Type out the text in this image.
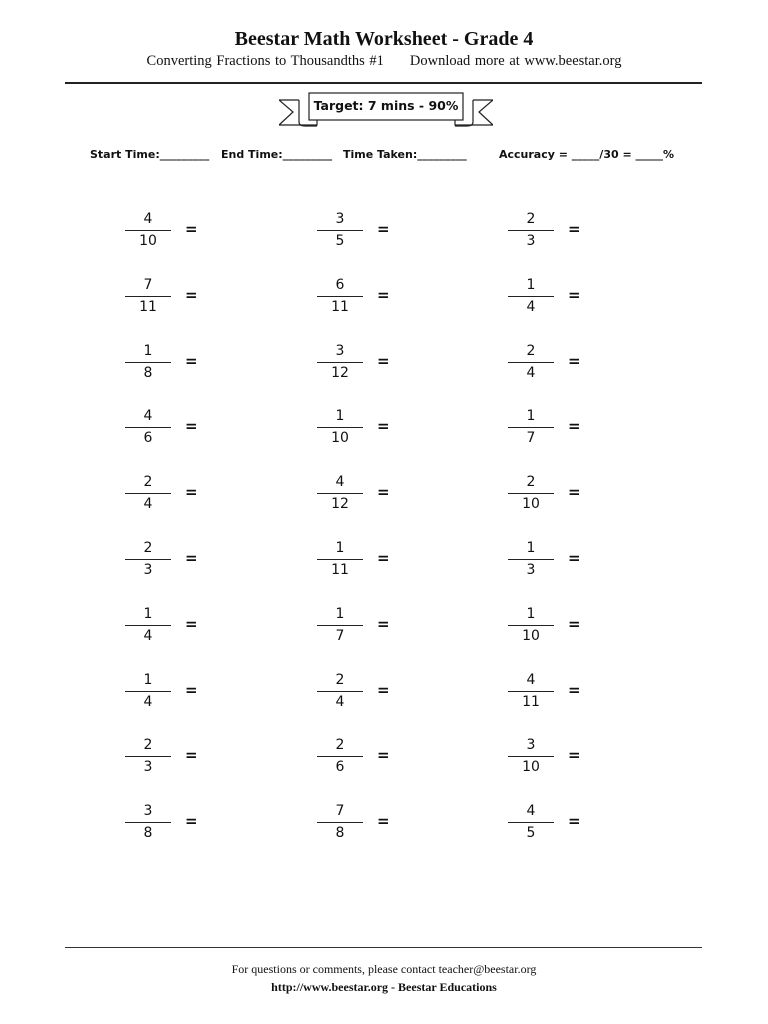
Beestar Math Worksheet - Grade 4
Converting Fractions to Thousandths #1 Download more at www.beestar.org
Target: 7 mins - 90%

Start Time:_________

End Time:_________

Time Taken:_________

	Accuracy = _____/30 = _____%

4
10
=
3
5
=
2
3
=
7
11
=
6
11
=
1
4
=
1
8
=
3
12
=
2
4
=
4
6
=
1
10
=
1
7
=
2
4
=
4
12
=
2
10
=
2
3
=
1
11
=
1
3
=
1
4
=
1
7
=
1
10
=
1
4
=
2
4
=
4
11
=
2
3
=
2
6
=
3
10
=
3
8
=
7
8
=
4
5
=
For questions or comments, please contact teacher@beestar.org
http://www.beestar.org - Beestar Educations
